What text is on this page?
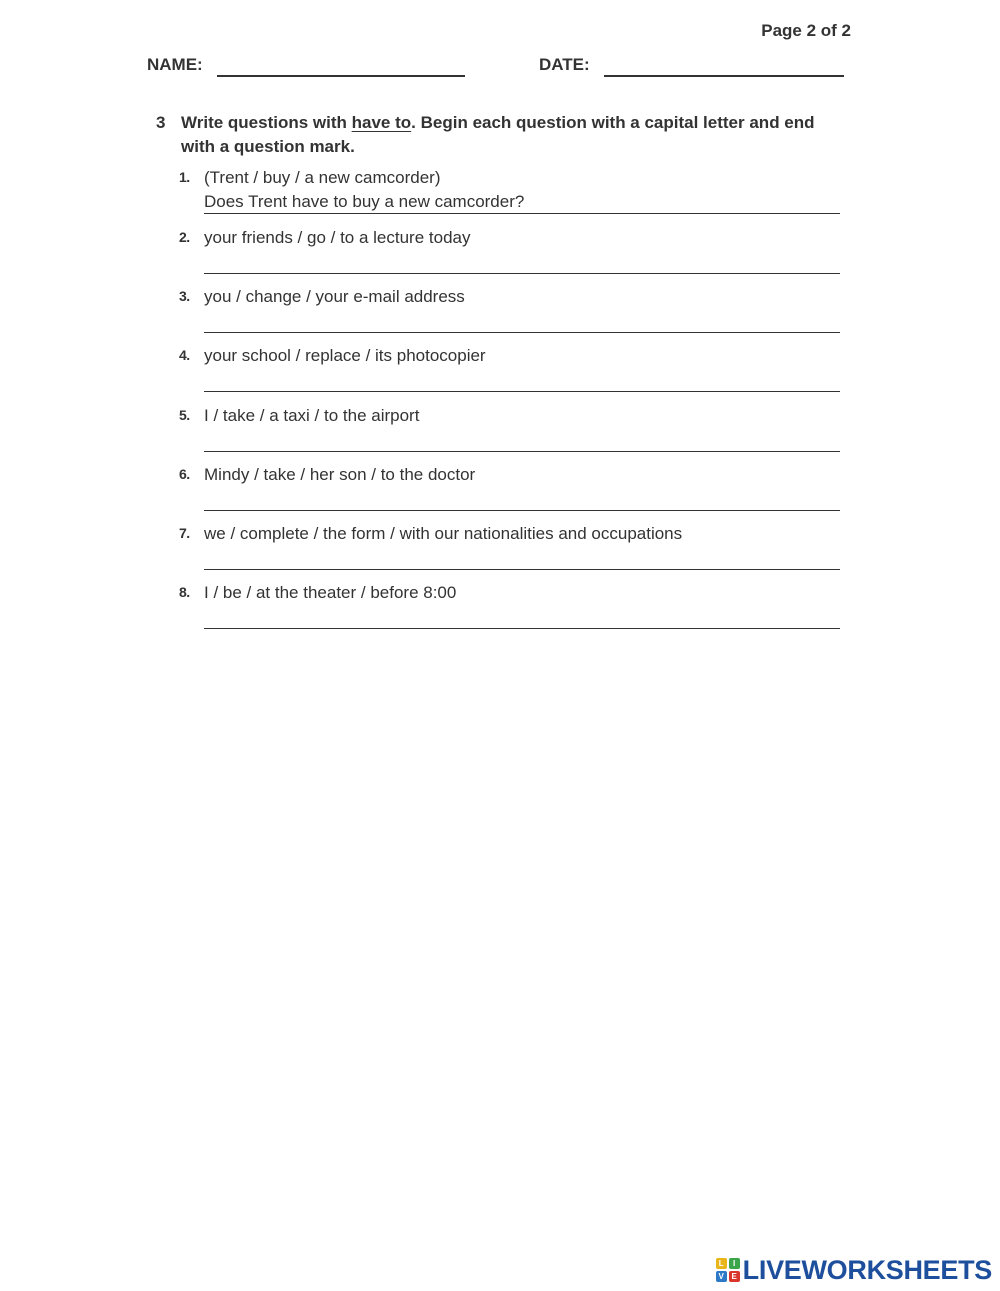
Page 2 of 2
NAME:	DATE:
3 Write questions with have to. Begin each question with a capital letter and end with a question mark.
1. (Trent / buy / a new camcorder)
Does Trent have to buy a new camcorder?
2. your friends / go / to a lecture today
3. you / change / your e-mail address
4. your school / replace / its photocopier
5. I / take / a taxi / to the airport
6. Mindy / take / her son / to the doctor
7. we / complete / the form / with our nationalities and occupations
8. I / be / at the theater / before 8:00
L	I
V E LIVEWORKSHEETS
